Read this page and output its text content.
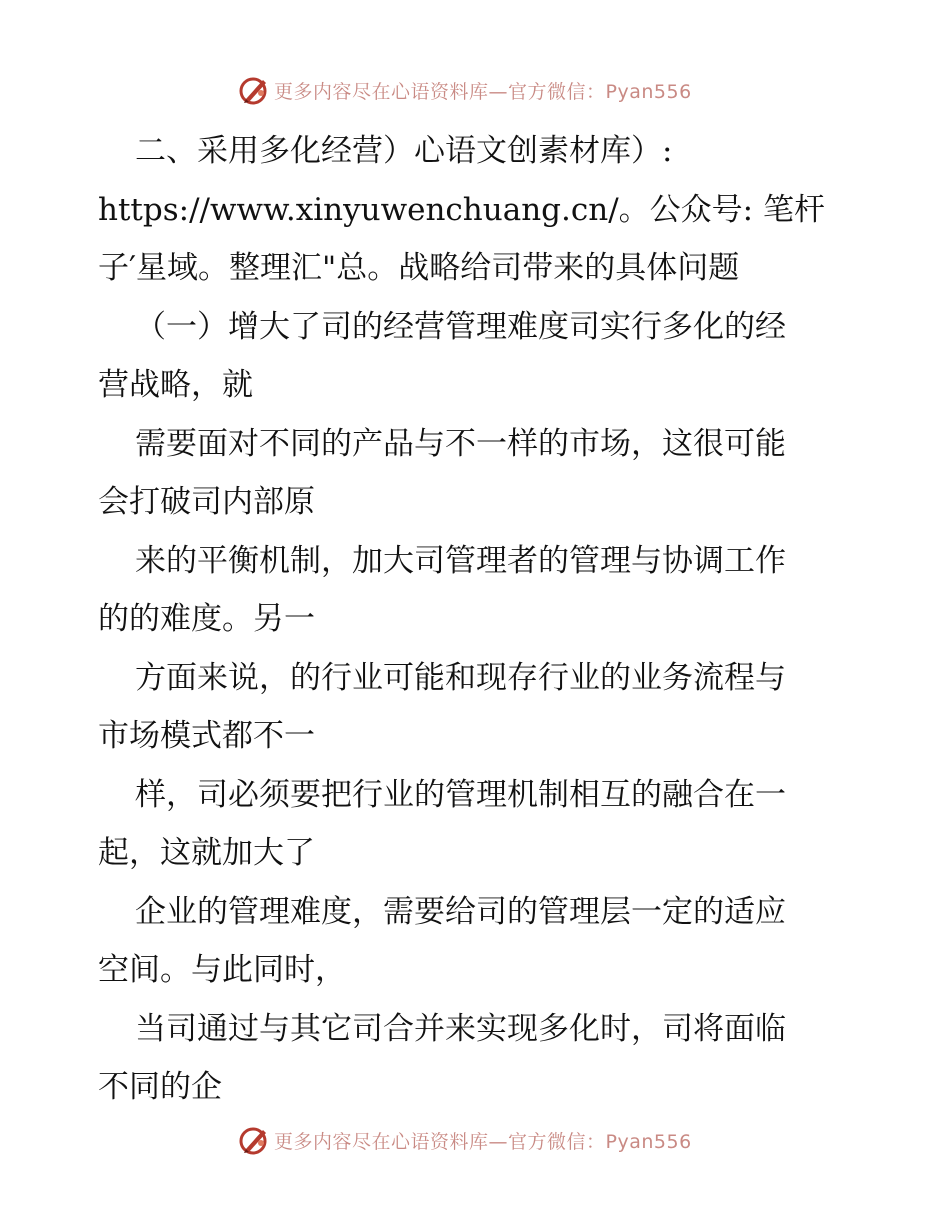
更多内容尽在心语资料库—官方微信：Pyan556
二、采用多化经营）心语文创素材库）:
https://www.xinyuwenchuang.cn/。公众号: 笔杆
子′星域。整理汇"总。战略给司带来的具体问题
（一）增大了司的经营管理难度司实行多化的经
营战略，就
需要面对不同的产品与不一样的市场，这很可能
会打破司内部原
来的平衡机制，加大司管理者的管理与协调工作
的的难度。另一
方面来说，的行业可能和现存行业的业务流程与
市场模式都不一
样，司必须要把行业的管理机制相互的融合在一
起，这就加大了
企业的管理难度，需要给司的管理层一定的适应
空间。与此同时，
当司通过与其它司合并来实现多化时，司将面临
不同的企
更多内容尽在心语资料库—官方微信：Pyan556
